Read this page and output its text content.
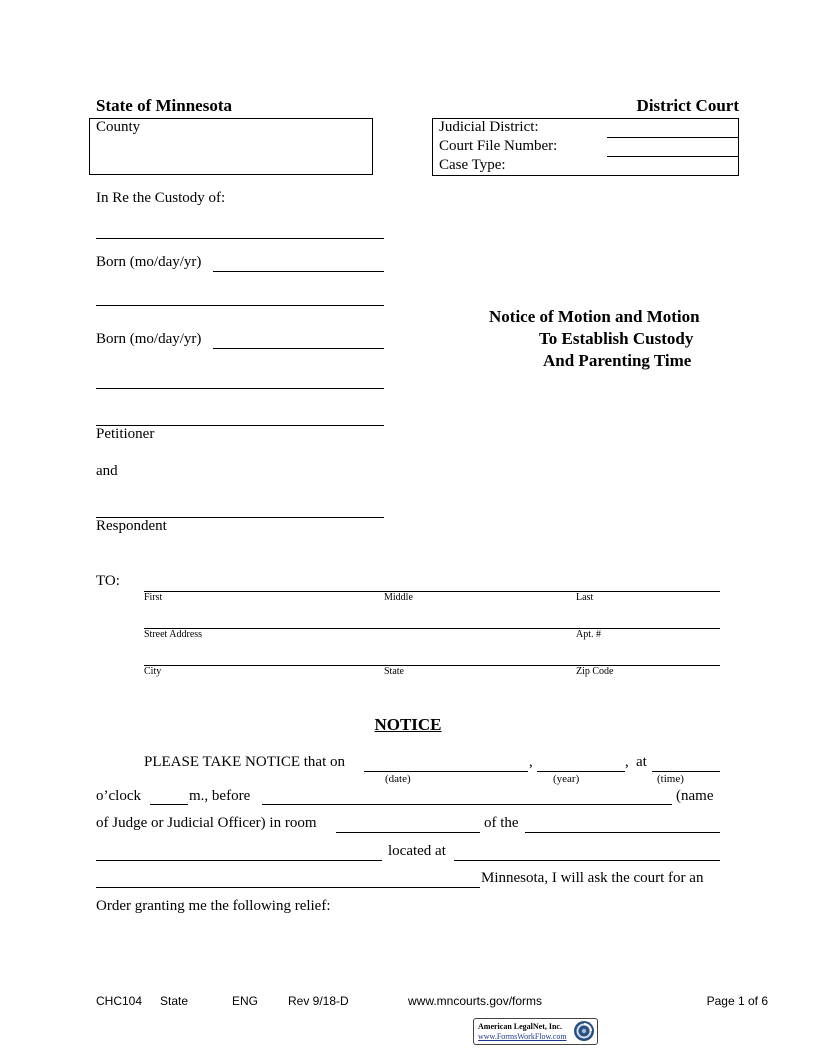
State of Minnesota	District Court
County	Judicial District:
Court File Number:
Case Type:
In Re the Custody of:
Born (mo/day/yr)
Born (mo/day/yr)
Petitioner
and
Respondent
Notice of Motion and Motion
To Establish Custody
And Parenting Time
TO:
First	Middle	Last
Street Address	Apt. #
City	State	Zip Code
NOTICE
PLEASE TAKE NOTICE that on	,	, at
(date)	(year)	(time)
o’clock	m., before	(name
of Judge or Judicial Officer) in room	of the
located at
Minnesota, I will ask the court for an
Order granting me the following relief:
CHC104 State	ENG Rev 9/18-D	www.mncourts.gov/forms	Page 1 of 6
American LegalNet, Inc.
www.FormsWorkFlow.com
